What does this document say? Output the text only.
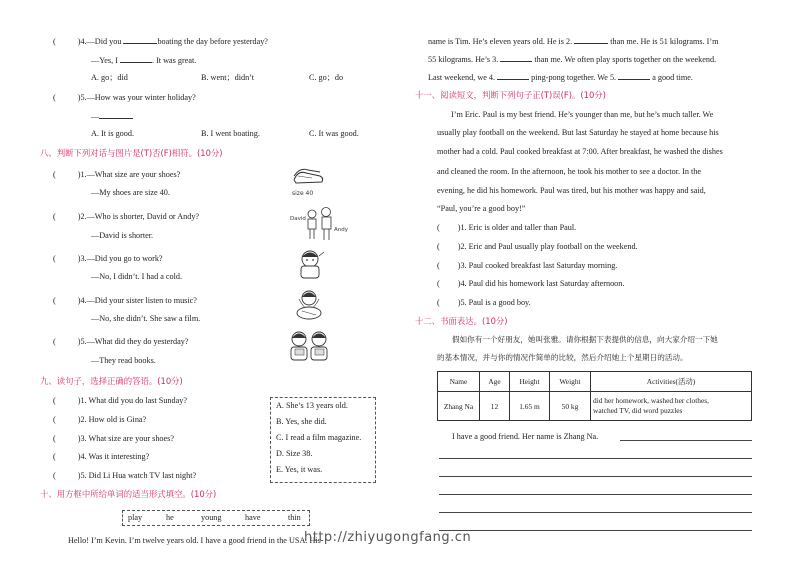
(	)4.—Did you	boating the day before yesterday?
—Yes, I	. It was great.
A. go；did	B. went；didn’t	C. go；do
(	)5.—How was your winter holiday?
—
A. It is good.	B. I went boating.	C. It was good.
八、判断下列对话与图片是(T)否(F)相符。(10分)
(	)1.—What size are your shoes?
—My shoes are size 40.
(	)2.—Who is shorter, David or Andy?
—David is shorter.
(	)3.—Did you go to work?
—No, I didn’t. I had a cold.
(	)4.—Did your sister listen to music?
—No, she didn’t. She saw a film.
(	)5.—What did they do yesterday?
—They read books.
size 40
David
Andy
九、读句子，选择正确的答语。(10分)
(	)1. What did you do last Sunday?
(	)2. How old is Gina?
(	)3. What size are your shoes?
(	)4. Was it interesting?
(	)5. Did Li Hua watch TV last night?
A. She’s 13 years old.
B. Yes, she did.
C. I read a film magazine.
D. Size 38.
E. Yes, it was.
十、用方框中所给单词的适当形式填空。(10分)
play	he	young	have	thin
Hello! I’m Kevin. I’m twelve years old. I have a good friend in the USA. His
name is Tim. He’s eleven years old. He is 2.	than me. He is 51 kilograms. I’m
55 kilograms. He’s 3.	than me. We often play sports together on the weekend.
Last weekend, we 4.	ping-pong together. We 5.	a good time.
十一、阅读短文，判断下列句子正(T)误(F)。(10分)
I’m Eric. Paul is my best friend. He’s younger than me, but he’s much taller. We
usually play football on the weekend. But last Saturday he stayed at home because his
mother had a cold. Paul cooked breakfast at 7:00. After breakfast, he washed the dishes
and cleaned the room. In the afternoon, he took his mother to see a doctor. In the
evening, he did his homework. Paul was tired, but his mother was happy and said,
“Paul, you’re a good boy!”
( )1. Eric is older and taller than Paul.
( )2. Eric and Paul usually play football on the weekend.
( )3. Paul cooked breakfast last Saturday morning.
( )4. Paul did his homework last Saturday afternoon.
( )5. Paul is a good boy.
十二、书面表达。(10分)
假如你有一个好朋友，她叫张雅。请你根据下表提供的信息，向大家介绍一下她
的基本情况，并与你的情况作简单的比较，然后介绍她上个星期日的活动。
Name	Age	Height	Weight	Activities(活动)
Zhang Na	12	1.65 m	50 kg	did her homework, washed her clothes,
watched TV, did word puzzles
I have a good friend. Her name is Zhang Na.
http://zhiyugongfang.cn
